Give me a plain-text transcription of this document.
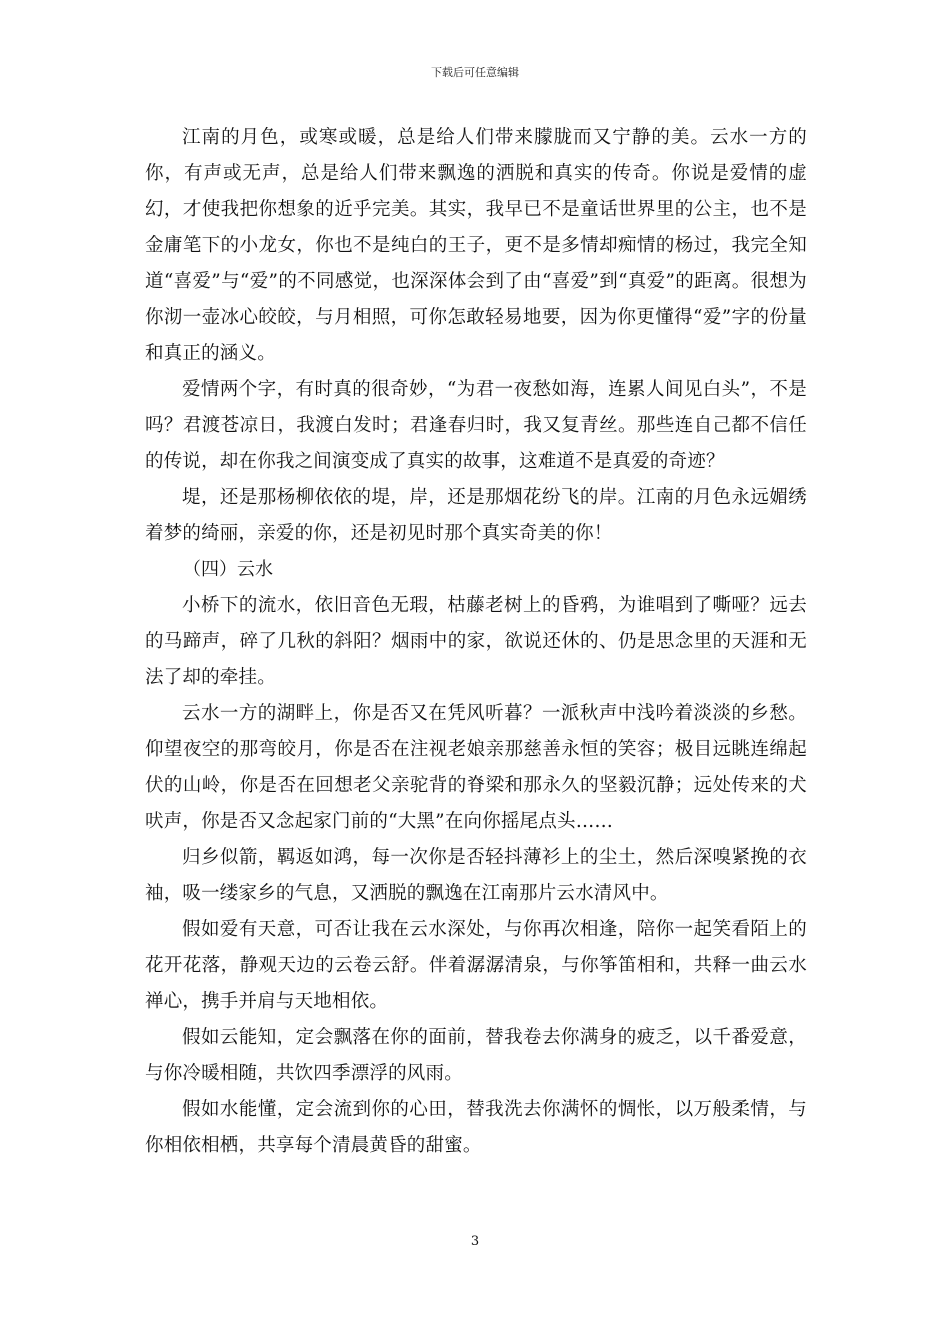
下载后可任意编辑

江南的月色，或寒或暖，总是给人们带来朦胧而又宁静的美。云水一方的你，有声或无声，总是给人们带来飘逸的洒脱和真实的传奇。你说是爱情的虚幻，才使我把你想象的近乎完美。其实，我早已不是童话世界里的公主，也不是金庸笔下的小龙女，你也不是纯白的王子，更不是多情却痴情的杨过，我完全知道“喜爱”与“爱”的不同感觉，也深深体会到了由“喜爱”到“真爱”的距离。很想为你沏一壶冰心皎皎，与月相照，可你怎敢轻易地要，因为你更懂得“爱”字的份量和真正的涵义。

爱情两个字，有时真的很奇妙，“为君一夜愁如海，连累人间见白头”，不是吗？君渡苍凉日，我渡白发时；君逢春归时，我又复青丝。那些连自己都不信任的传说，却在你我之间演变成了真实的故事，这难道不是真爱的奇迹？

堤，还是那杨柳依依的堤，岸，还是那烟花纷飞的岸。江南的月色永远媚绣着梦的绮丽，亲爱的你，还是初见时那个真实奇美的你！

（四）云水

小桥下的流水，依旧音色无瑕，枯藤老树上的昏鸦，为谁唱到了嘶哑？远去的马蹄声，碎了几秋的斜阳？烟雨中的家，欲说还休的、仍是思念里的天涯和无法了却的牵挂。

云水一方的湖畔上，你是否又在凭风听暮？一派秋声中浅吟着淡淡的乡愁。仰望夜空的那弯皎月，你是否在注视老娘亲那慈善永恒的笑容；极目远眺连绵起伏的山岭，你是否在回想老父亲驼背的脊梁和那永久的坚毅沉静；远处传来的犬吠声，你是否又念起家门前的“大黑”在向你摇尾点头……

归乡似箭，羁返如鸿，每一次你是否轻抖薄衫上的尘土，然后深嗅紧挽的衣袖，吸一缕家乡的气息，又洒脱的飘逸在江南那片云水清风中。

假如爱有天意，可否让我在云水深处，与你再次相逢，陪你一起笑看陌上的花开花落，静观天边的云卷云舒。伴着潺潺清泉，与你筝笛相和，共释一曲云水禅心，携手并肩与天地相依。

假如云能知，定会飘落在你的面前，替我卷去你满身的疲乏，以千番爱意，与你冷暖相随，共饮四季漂浮的风雨。

假如水能懂，定会流到你的心田，替我洗去你满怀的惆怅，以万般柔情，与你相依相栖，共享每个清晨黄昏的甜蜜。

3
